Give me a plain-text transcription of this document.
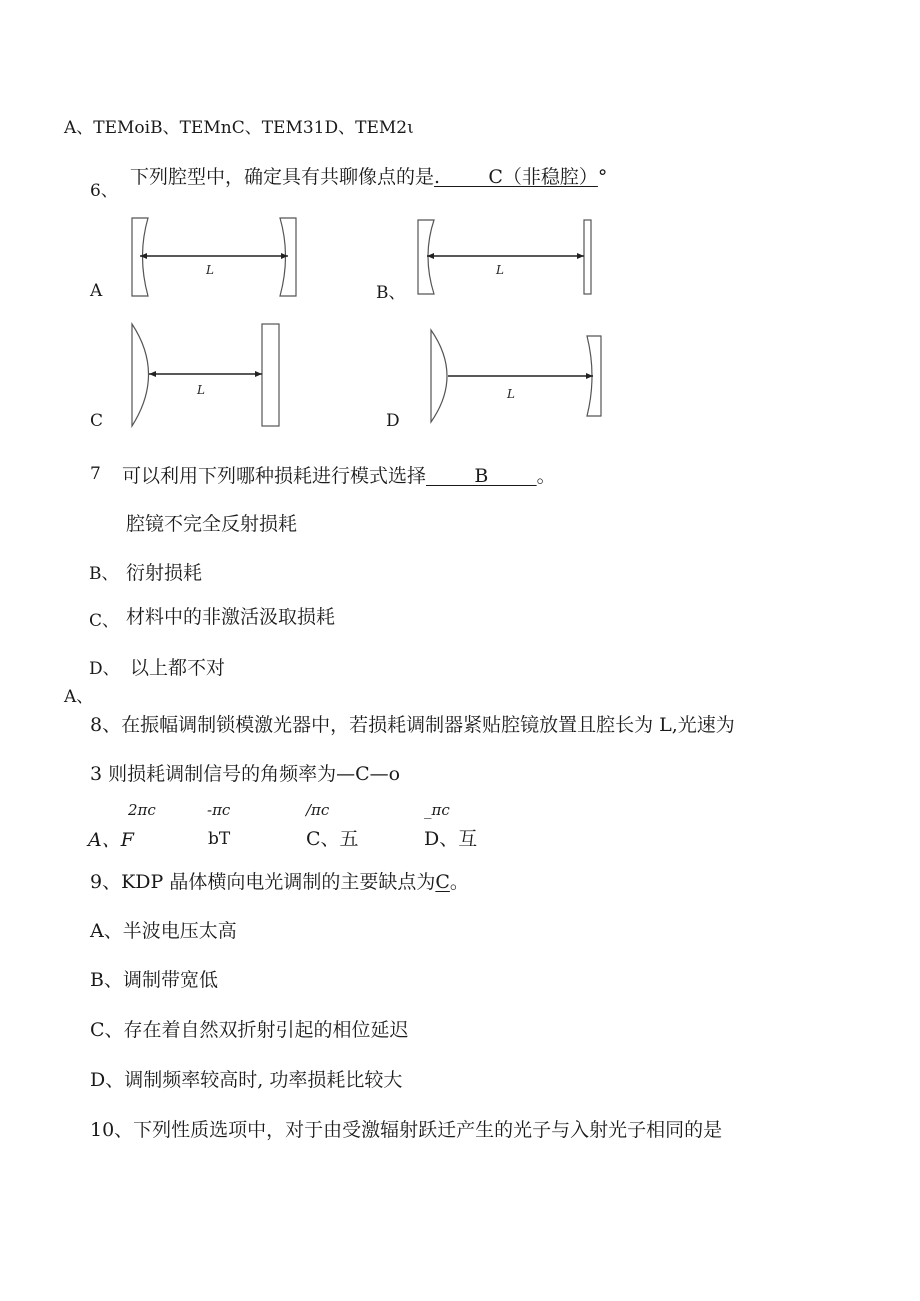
A、TEMoiB、TEMnC、TEM31D、TEM2ι
6、
下列腔型中，确定具有共聊像点的是.        C（非稳腔）°
L
A
L
B、
L
C
L
D
7 可以利用下列哪种损耗进行模式选择        B        。
腔镜不完全反射损耗
B、 衍射损耗
C、 材料中的非激活汲取损耗
D、 以上都不对
A、
8、在振幅调制锁模激光器中，若损耗调制器紧贴腔镜放置且腔长为 L,光速为
3 则损耗调制信号的角频率为—C—o
2πc	-πc	/πc	_πc
A、F	bT	C、五	D、互
9、KDP 晶体横向电光调制的主要缺点为C。
A、半波电压太高
B、调制带宽低
C、存在着自然双折射引起的相位延迟
D、调制频率较高时, 功率损耗比较大
10、下列性质选项中，对于由受激辐射跃迁产生的光子与入射光子相同的是
